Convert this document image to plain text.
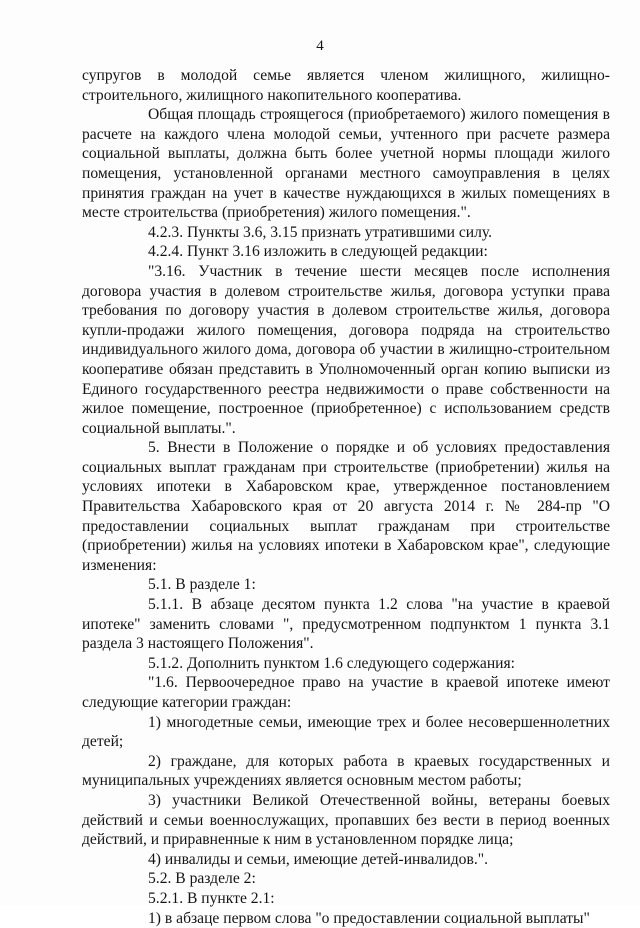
4

супругов в молодой семье является членом жилищного, жилищно-строительного, жилищного накопительного кооператива.

Общая площадь строящегося (приобретаемого) жилого помещения в расчете на каждого члена молодой семьи, учтенного при расчете размера социальной выплаты, должна быть более учетной нормы площади жилого помещения, установленной органами местного самоуправления в целях принятия граждан на учет в качестве нуждающихся в жилых помещениях в месте строительства (приобретения) жилого помещения.".

4.2.3. Пункты 3.6, 3.15 признать утратившими силу.

4.2.4. Пункт 3.16 изложить в следующей редакции:

"3.16. Участник в течение шести месяцев после исполнения договора участия в долевом строительстве жилья, договора уступки права требования по договору участия в долевом строительстве жилья, договора купли-продажи жилого помещения, договора подряда на строительство индивидуального жилого дома, договора об участии в жилищно-строительном кооперативе обязан представить в Уполномоченный орган копию выписки из Единого государственного реестра недвижимости о праве собственности на жилое помещение, построенное (приобретенное) с использованием средств социальной выплаты.".

5. Внести в Положение о порядке и об условиях предоставления социальных выплат гражданам при строительстве (приобретении) жилья на условиях ипотеки в Хабаровском крае, утвержденное постановлением Правительства Хабаровского края от 20 августа 2014 г. № 284-пр "О предоставлении социальных выплат гражданам при строительстве (приобретении) жилья на условиях ипотеки в Хабаровском крае", следующие изменения:

5.1. В разделе 1:

5.1.1. В абзаце десятом пункта 1.2 слова "на участие в краевой ипотеке" заменить словами ", предусмотренном подпунктом 1 пункта 3.1 раздела 3 настоящего Положения".

5.1.2. Дополнить пунктом 1.6 следующего содержания:

"1.6. Первоочередное право на участие в краевой ипотеке имеют следующие категории граждан:

1) многодетные семьи, имеющие трех и более несовершеннолетних детей;

2) граждане, для которых работа в краевых государственных и муниципальных учреждениях является основным местом работы;

3) участники Великой Отечественной войны, ветераны боевых действий и семьи военнослужащих, пропавших без вести в период военных действий, и приравненные к ним в установленном порядке лица;

4) инвалиды и семьи, имеющие детей-инвалидов.".

5.2. В разделе 2:

5.2.1. В пункте 2.1:

1) в абзаце первом слова "о предоставлении социальной выплаты"
